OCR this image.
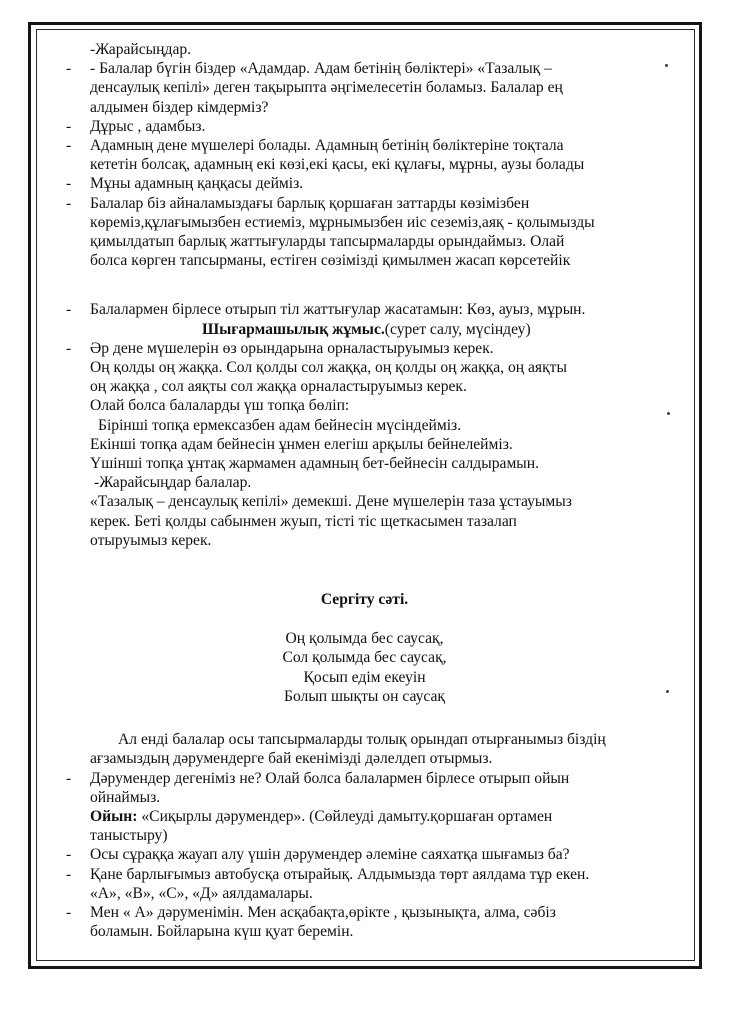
-Жарайсыңдар.
- - Балалар бүгін біздер «Адамдар. Адам бетінің бөліктері» «Тазалық –
денсаулық кепілі» деген тақырыпта әңгімелесетін боламыз. Балалар ең
алдымен біздер кімдерміз?
- Дұрыс , адамбыз.
- Адамның дене мүшелері болады. Адамның бетінің бөліктеріне тоқтала
кететін болсақ, адамның екі көзі,екі қасы, екі құлағы, мұрны, аузы болады
- Мұны адамның қаңқасы дейміз.
- Балалар біз айналамыздағы барлық қоршаған заттарды көзімізбен
көреміз,құлағымызбен естиеміз, мұрнымызбен иіс сеземіз,аяқ - қолымызды
қимылдатып барлық жаттығуларды тапсырмаларды орындаймыз. Олай
болса көрген тапсырманы, естіген сөзімізді қимылмен жасап көрсетейік
- Балалармен бірлесе отырып тіл жаттығулар жасатамын: Көз, ауыз, мұрын.
Шығармашылық жұмыс.(сурет салу, мүсіндеу)
- Әр дене мүшелерін өз орындарына орналастыруымыз керек.
Оң қолды оң жаққа. Сол қолды сол жаққа, оң қолды оң жаққа, оң аяқты
оң жаққа , сол аяқты сол жаққа орналастыруымыз керек.
Олай болса балаларды үш топқа бөліп:
Бірінші топқа ермексазбен адам бейнесін мүсіндейміз.
Екінші топқа адам бейнесін ұнмен елегіш арқылы бейнелейміз.
Үшінші топқа ұнтақ жармамен адамның бет-бейнесін салдырамын.
-Жарайсыңдар балалар.
«Тазалық – денсаулық кепілі» демекші. Дене мүшелерін таза ұстауымыз
керек. Беті қолды сабынмен жуып, тісті тіс щеткасымен тазалап
отыруымыз керек.
Сергіту сәті.
Оң қолымда бес саусақ,
Сол қолымда бес саусақ,
Қосып едім екеуін
Болып шықты он саусақ
Ал енді балалар осы тапсырмаларды толық орындап отырғанымыз біздің
ағзамыздың дәрумендерге бай екенімізді дәлелдеп отырмыз.
- Дәрумендер дегеніміз не? Олай болса балалармен бірлесе отырып ойын
ойнаймыз.
Ойын: «Сиқырлы дәрумендер». (Сөйлеуді дамыту.қоршаған ортамен
таныстыру)
- Осы сұраққа жауап алу үшін дәрумендер әлеміне саяхатқа шығамыз ба?
- Қане барлығымыз автобусқа отырайық. Алдымызда төрт аялдама тұр екен.
«А», «В», «С», «Д» аялдамалары.
- Мен « А» дәруменімін. Мен асқабақта,өрікте , қызынықта, алма, сәбіз
боламын. Бойларына күш қуат беремін.
